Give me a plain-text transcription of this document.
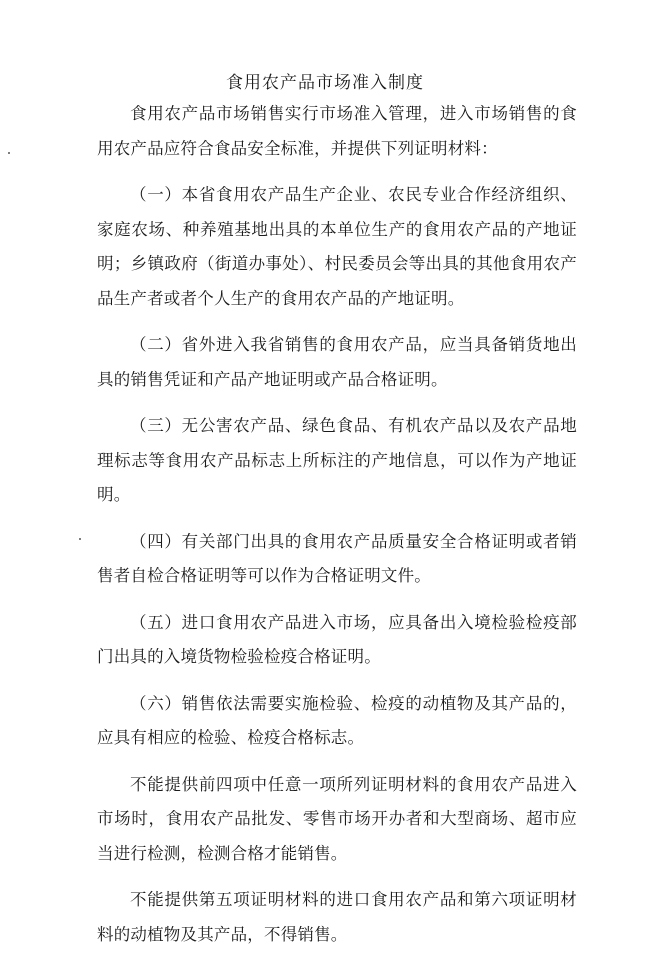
食用农产品市场准入制度

食用农产品市场销售实行市场准入管理，进入市场销售的食用农产品应符合食品安全标准，并提供下列证明材料：

（一）本省食用农产品生产企业、农民专业合作经济组织、家庭农场、种养殖基地出具的本单位生产的食用农产品的产地证明；乡镇政府（街道办事处）、村民委员会等出具的其他食用农产品生产者或者个人生产的食用农产品的产地证明。

（二）省外进入我省销售的食用农产品，应当具备销货地出具的销售凭证和产品产地证明或产品合格证明。

（三）无公害农产品、绿色食品、有机农产品以及农产品地理标志等食用农产品标志上所标注的产地信息，可以作为产地证明。

（四）有关部门出具的食用农产品质量安全合格证明或者销售者自检合格证明等可以作为合格证明文件。

（五）进口食用农产品进入市场，应具备出入境检验检疫部门出具的入境货物检验检疫合格证明。

（六）销售依法需要实施检验、检疫的动植物及其产品的，应具有相应的检验、检疫合格标志。

不能提供前四项中任意一项所列证明材料的食用农产品进入市场时，食用农产品批发、零售市场开办者和大型商场、超市应当进行检测，检测合格才能销售。

不能提供第五项证明材料的进口食用农产品和第六项证明材料的动植物及其产品，不得销售。
